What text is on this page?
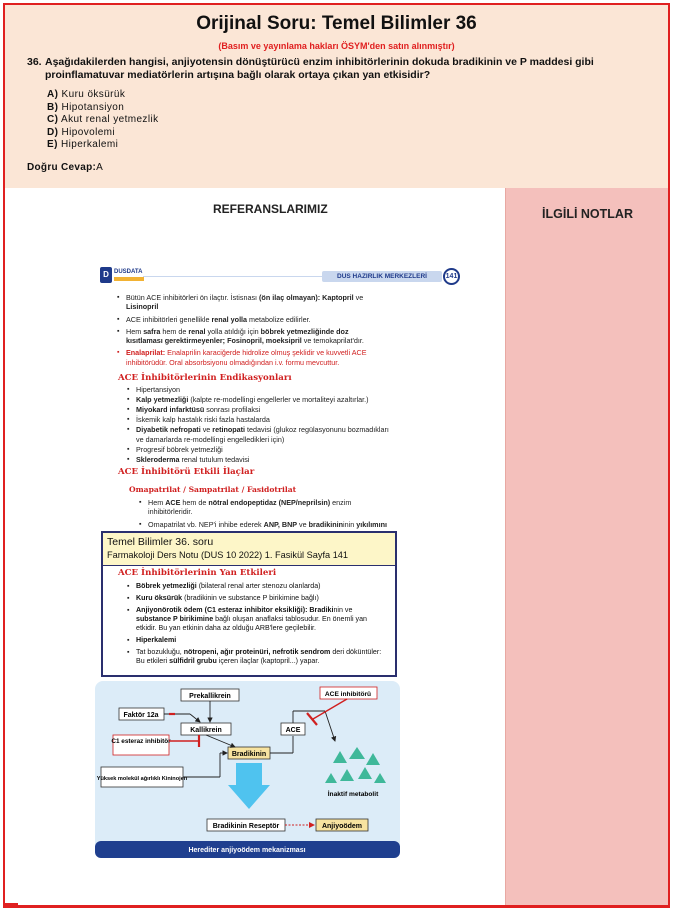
Orijinal Soru: Temel Bilimler 36
(Basım ve yayınlama hakları ÖSYM'den satın alınmıştır)
36. Aşağıdakilerden hangisi, anjiyotensin dönüştürücü enzim inhibitörlerinin dokuda bradikinin ve P maddesi gibi proinflamatuvar mediatörlerin artışına bağlı olarak ortaya çıkan yan etkisidir?
A) Kuru öksürük
B) Hipotansiyon
C) Akut renal yetmezlik
D) Hipovolemi
E) Hiperkalemi
Doğru Cevap:A
REFERANSLARIMIZ	İLGİLİ NOTLAR
D DUSDATA
DUS HAZIRLIK MERKEZLERİ	141
▪ Bütün ACE inhibitörleri ön ilaçtır. İstisnası (ön ilaç olmayan): Kaptopril ve Lisinopril
▪ ACE inhibitörleri genellikle renal yolla metabolize edilirler.
▪ Hem safra hem de renal yolla atıldığı için böbrek yetmezliğinde doz kısıtlaması gerektirmeyenler; Fosinopril, moeksipril ve temokaprilat'dır.
▪ Enalaprilat: Enalaprilin karaciğerde hidrolize olmuş şeklidir ve kuvvetli ACE inhibitörüdür. Oral absorbsiyonu olmadığından i.v. formu mevcuttur.
ACE İnhibitörlerinin Endikasyonları
▪ Hipertansiyon
▪ Kalp yetmezliği (kalpte re-modellingi engellerler ve mortaliteyi azaltırlar.)
▪ Miyokard infarktüsü sonrası profilaksi
▪ İskemik kalp hastalık riski fazla hastalarda
▪ Diyabetik nefropati ve retinopati tedavisi (glukoz regülasyonunu bozmadıkları ve damarlarda re-modellingi engelledikleri için)
▪ Progresif böbrek yetmezliği
▪ Skleroderma renal tutulum tedavisi
ACE İnhibitörü Etkili İlaçlar
Omapatrilat / Sampatrilat / Fasidotrilat
▪ Hem ACE hem de nötral endopeptidaz (NEP/neprilsin) enzim inhibitörleridir.
▪ Omapatrilat vb. NEP'i inhibe ederek ANP, BNP ve bradikinininin yıkılımını
Temel Bilimler 36. soru
Farmakoloji Ders Notu (DUS 10 2022) 1. Fasikül Sayfa 141
ACE İnhibitörlerinin Yan Etkileri
▪ Böbrek yetmezliği (bilateral renal arter stenozu olanlarda)
▪ Kuru öksürük (bradikinin ve substance P birikimine bağlı)
▪ Anjiyonörotik ödem (C1 esteraz inhibitor eksikliği): Bradikinin ve substance P birikimine bağlı oluşan anaflaksi tablosudur. En önemli yan etkidir. Bu yan etkinin daha az olduğu ARB'lere geçilebilir.
▪ Hiperkalemi
▪ Tat bozukluğu, nötropeni, ağır proteinüri, nefrotik sendrom deri döküntüler: Bu etkileri sülfidril grubu içeren ilaçlar (kaptopril...) yapar.
Prekallikrein	ACE inhibitörü
Faktör 12a
C1 esteraz inhibitör
Kallikrein	ACE
Bradikinin
Yüksek molekül ağırlıklı Kininojen
İnaktif metabolit
Bradikinin Reseptör	Anjiyoödem
Herediter anjiyoödem mekanizması
